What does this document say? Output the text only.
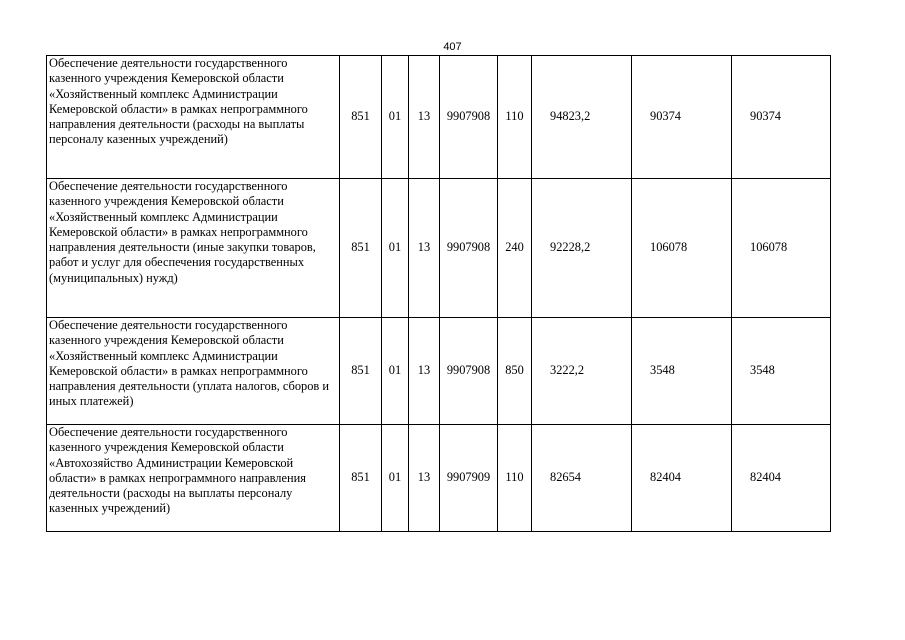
407
Обеспечение деятельности государственного казенного учреждения Кемеровской области «Хозяйственный комплекс Администрации Кемеровской области» в рамках непрограммного направления деятельности (расходы на выплаты персоналу казенных учреждений)	851	01	13	9907908	110	94823,2	90374	90374
Обеспечение деятельности государственного казенного учреждения Кемеровской области «Хозяйственный комплекс Администрации Кемеровской области» в рамках непрограммного направления деятельности (иные закупки товаров, работ и услуг для обеспечения государственных (муниципальных) нужд)	851	01	13	9907908	240	92228,2	106078	106078
Обеспечение деятельности государственного казенного учреждения Кемеровской области «Хозяйственный комплекс Администрации Кемеровской области» в рамках непрограммного направления деятельности (уплата налогов, сборов и иных платежей)	851	01	13	9907908	850	3222,2	3548	3548
Обеспечение деятельности государственного казенного учреждения Кемеровской области «Автохозяйство Администрации Кемеровской области» в рамках непрограммного направления деятельности (расходы на выплаты персоналу казенных учреждений)	851	01	13	9907909	110	82654	82404	82404
